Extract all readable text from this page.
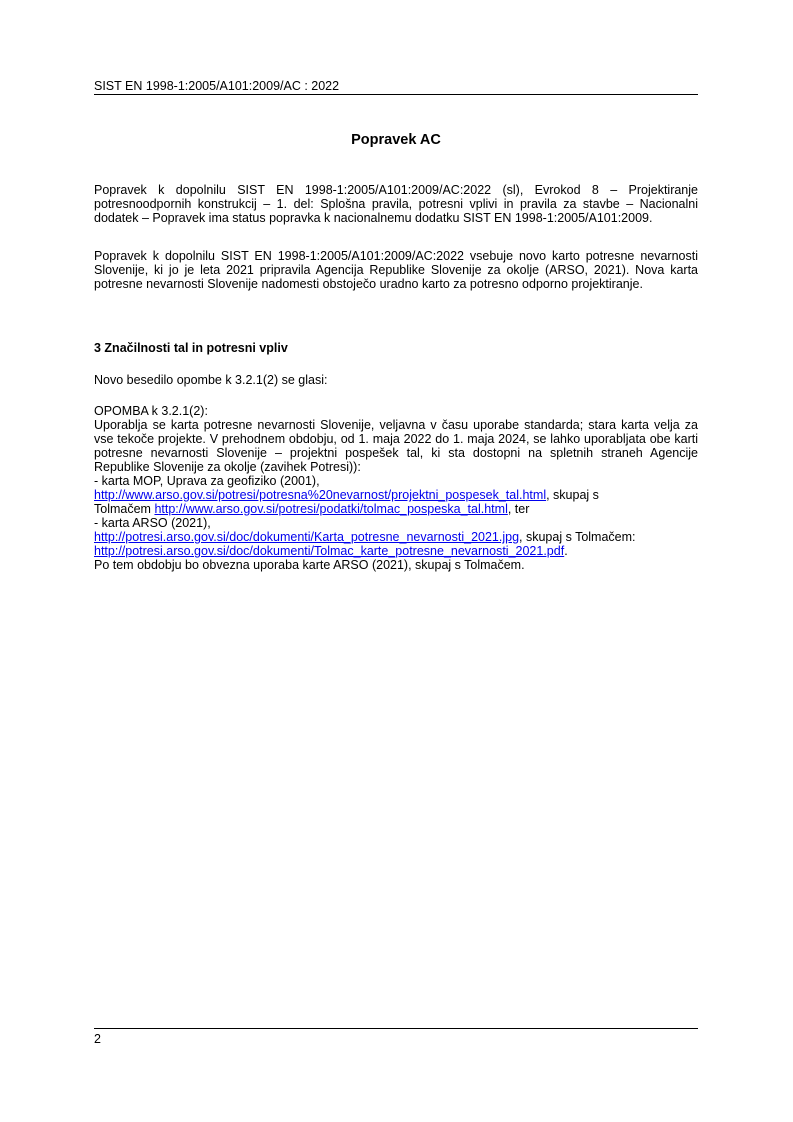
SIST EN 1998-1:2005/A101:2009/AC : 2022
Popravek AC

Popravek k dopolnilu SIST EN 1998-1:2005/A101:2009/AC:2022 (sl), Evrokod 8 – Projektiranje potresnoodpornih konstrukcij – 1. del: Splošna pravila, potresni vplivi in pravila za stavbe – Nacionalni dodatek – Popravek ima status popravka k nacionalnemu dodatku SIST EN 1998-1:2005/A101:2009.

Popravek k dopolnilu SIST EN 1998-1:2005/A101:2009/AC:2022 vsebuje novo karto potresne nevarnosti Slovenije, ki jo je leta 2021 pripravila Agencija Republike Slovenije za okolje (ARSO, 2021). Nova karta potresne nevarnosti Slovenije nadomesti obstoječo uradno karto za potresno odporno projektiranje.

3 Značilnosti tal in potresni vpliv

Novo besedilo opombe k 3.2.1(2) se glasi:

OPOMBA k 3.2.1(2):
Uporablja se karta potresne nevarnosti Slovenije, veljavna v času uporabe standarda; stara karta velja za vse tekoče projekte. V prehodnem obdobju, od 1. maja 2022 do 1. maja 2024, se lahko uporabljata obe karti potresne nevarnosti Slovenije – projektni pospešek tal, ki sta dostopni na spletnih straneh Agencije Republike Slovenije za okolje (zavihek Potresi)):
- karta MOP, Uprava za geofiziko (2001),
http://www.arso.gov.si/potresi/potresna%20nevarnost/projektni_pospesek_tal.html, skupaj s
Tolmačem http://www.arso.gov.si/potresi/podatki/tolmac_pospeska_tal.html, ter
- karta ARSO (2021),
http://potresi.arso.gov.si/doc/dokumenti/Karta_potresne_nevarnosti_2021.jpg, skupaj s Tolmačem:
http://potresi.arso.gov.si/doc/dokumenti/Tolmac_karte_potresne_nevarnosti_2021.pdf.
Po tem obdobju bo obvezna uporaba karte ARSO (2021), skupaj s Tolmačem.
2
